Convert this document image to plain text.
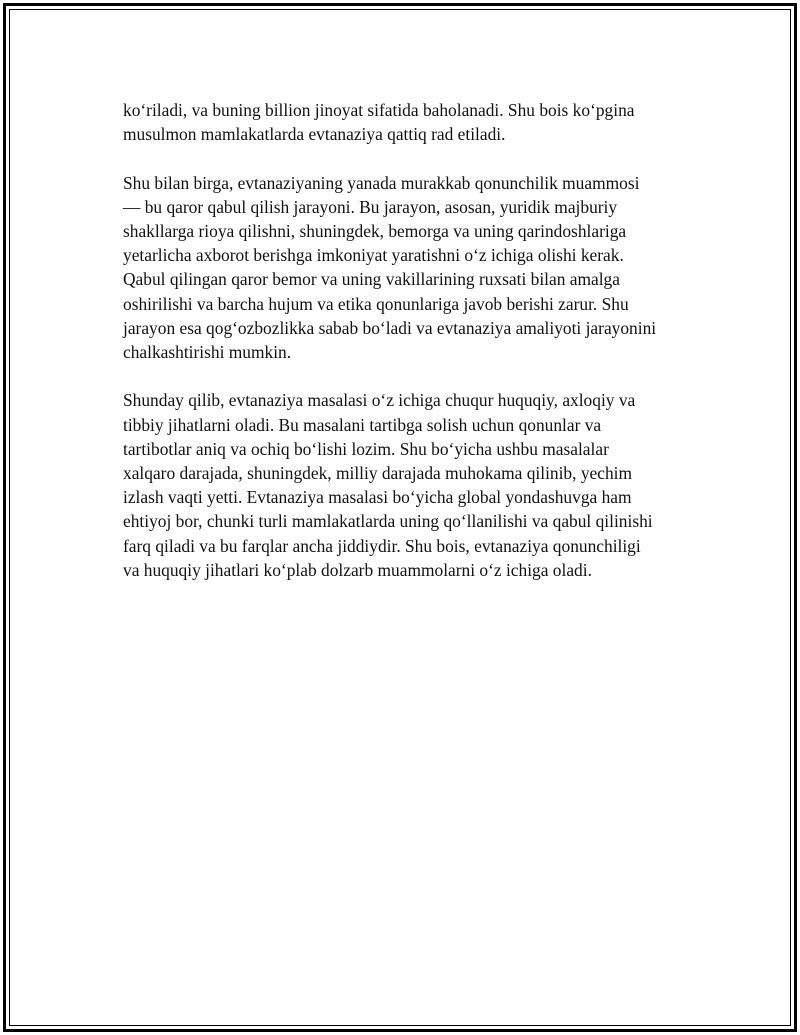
ko‘riladi, va buning billion jinoyat sifatida baholanadi. Shu bois ko‘pgina
musulmon mamlakatlarda evtanaziya qattiq rad etiladi.

Shu bilan birga, evtanaziyaning yanada murakkab qonunchilik muammosi
— bu qaror qabul qilish jarayoni. Bu jarayon, asosan, yuridik majburiy
shakllarga rioya qilishni, shuningdek, bemorga va uning qarindoshlariga
yetarlicha axborot berishga imkoniyat yaratishni o‘z ichiga olishi kerak.
Qabul qilingan qaror bemor va uning vakillarining ruxsati bilan amalga
oshirilishi va barcha hujum va etika qonunlariga javob berishi zarur. Shu
jarayon esa qog‘ozbozlikka sabab bo‘ladi va evtanaziya amaliyoti jarayonini
chalkashtirishi mumkin.

Shunday qilib, evtanaziya masalasi o‘z ichiga chuqur huquqiy, axloqiy va
tibbiy jihatlarni oladi. Bu masalani tartibga solish uchun qonunlar va
tartibotlar aniq va ochiq bo‘lishi lozim. Shu bo‘yicha ushbu masalalar
xalqaro darajada, shuningdek, milliy darajada muhokama qilinib, yechim
izlash vaqti yetti. Evtanaziya masalasi bo‘yicha global yondashuvga ham
ehtiyoj bor, chunki turli mamlakatlarda uning qo‘llanilishi va qabul qilinishi
farq qiladi va bu farqlar ancha jiddiydir. Shu bois, evtanaziya qonunchiligi
va huquqiy jihatlari ko‘plab dolzarb muammolarni o‘z ichiga oladi.
